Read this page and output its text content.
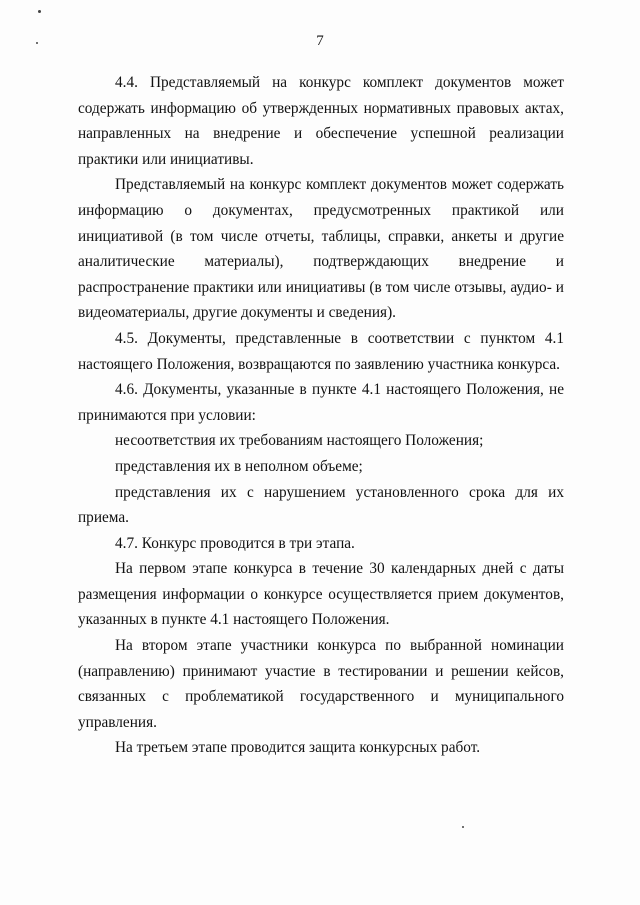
7

4.4. Представляемый на конкурс комплект документов может содержать информацию об утвержденных нормативных правовых актах, направленных на внедрение и обеспечение успешной реализации практики или инициативы.

Представляемый на конкурс комплект документов может содержать информацию о документах, предусмотренных практикой или инициативой (в том числе отчеты, таблицы, справки, анкеты и другие аналитические материалы), подтверждающих внедрение и распространение практики или инициативы (в том числе отзывы, аудио- и видеоматериалы, другие документы и сведения).

4.5. Документы, представленные в соответствии с пунктом 4.1 настоящего Положения, возвращаются по заявлению участника конкурса.

4.6. Документы, указанные в пункте 4.1 настоящего Положения, не принимаются при условии:

несоответствия их требованиям настоящего Положения;

представления их в неполном объеме;

представления их с нарушением установленного срока для их приема.

4.7. Конкурс проводится в три этапа.

На первом этапе конкурса в течение 30 календарных дней с даты размещения информации о конкурсе осуществляется прием документов, указанных в пункте 4.1 настоящего Положения.

На втором этапе участники конкурса по выбранной номинации (направлению) принимают участие в тестировании и решении кейсов, связанных с проблематикой государственного и муниципального управления.

На третьем этапе проводится защита конкурсных работ.
